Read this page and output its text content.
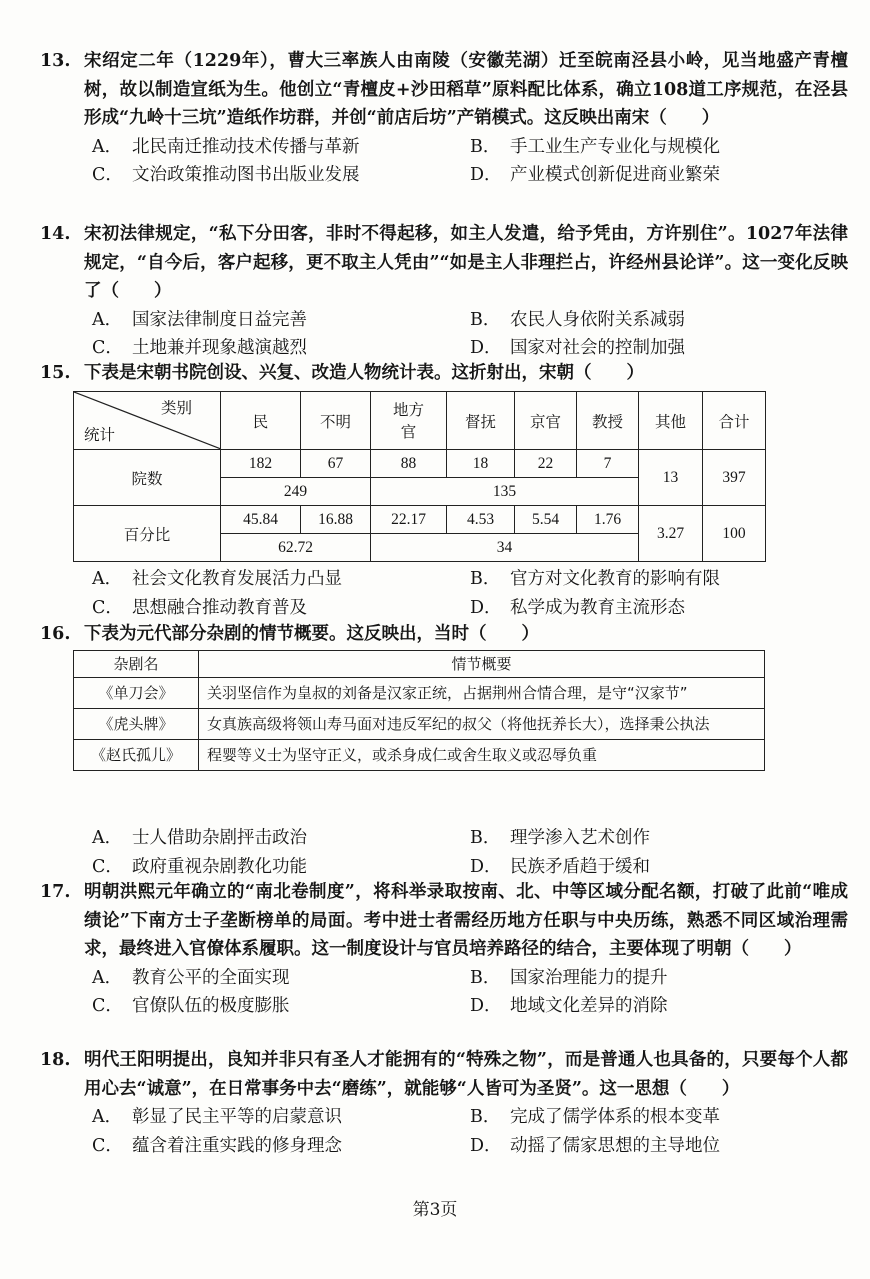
13. 宋绍定二年（1229年），曹大三率族人由南陵（安徽芜湖）迁至皖南泾县小岭，见当地盛产青檀树，故以制造宣纸为生。他创立“青檀皮+沙田稻草”原料配比体系，确立108道工序规范，在泾县形成“九岭十三坑”造纸作坊群，并创“前店后坊”产销模式。这反映出南宋（　　）
A． 北民南迁推动技术传播与革新	B． 手工业生产专业化与规模化
C． 文治政策推动图书出版业发展	D． 产业模式创新促进商业繁荣
14. 宋初法律规定，“私下分田客，非时不得起移，如主人发遣，给予凭由，方许别住”。1027年法律规定，“自今后，客户起移，更不取主人凭由”“如是主人非理拦占，许经州县论详”。这一变化反映了（　　）
A． 国家法律制度日益完善	B． 农民人身依附关系减弱
C． 土地兼并现象越演越烈	D． 国家对社会的控制加强
15. 下表是宋朝书院创设、兴复、改造人物统计表。这折射出，宋朝（　　）
类别
统计	民	不明	地方官	督抚	京官	教授	其他	合计
院数	182	67	88	18	22	7	13	397
	249		135					
百分比	45.84	16.88	22.17	4.53	5.54	1.76	3.27	100
	62.72		34					
A． 社会文化教育发展活力凸显	B． 官方对文化教育的影响有限
C． 思想融合推动教育普及	D． 私学成为教育主流形态
16. 下表为元代部分杂剧的情节概要。这反映出，当时（　　）
杂剧名	情节概要
《单刀会》	关羽坚信作为皇叔的刘备是汉家正统，占据荆州合情合理，是守“汉家节”
《虎头牌》	女真族高级将领山寿马面对违反军纪的叔父（将他抚养长大），选择秉公执法
《赵氏孤儿》	程婴等义士为坚守正义，或杀身成仁或舍生取义或忍辱负重
A． 士人借助杂剧抨击政治	B． 理学渗入艺术创作
C． 政府重视杂剧教化功能	D． 民族矛盾趋于缓和
17. 明朝洪熙元年确立的“南北卷制度”，将科举录取按南、北、中等区域分配名额，打破了此前“唯成绩论”下南方士子垄断榜单的局面。考中进士者需经历地方任职与中央历练，熟悉不同区域治理需求，最终进入官僚体系履职。这一制度设计与官员培养路径的结合，主要体现了明朝（　　）
A． 教育公平的全面实现	B． 国家治理能力的提升
C． 官僚队伍的极度膨胀	D． 地域文化差异的消除
18. 明代王阳明提出，良知并非只有圣人才能拥有的“特殊之物”，而是普通人也具备的，只要每个人都用心去“诚意”，在日常事务中去“磨练”，就能够“人皆可为圣贤”。这一思想（　　）
A． 彰显了民主平等的启蒙意识	B． 完成了儒学体系的根本变革
C． 蕴含着注重实践的修身理念	D． 动摇了儒家思想的主导地位
第3页
